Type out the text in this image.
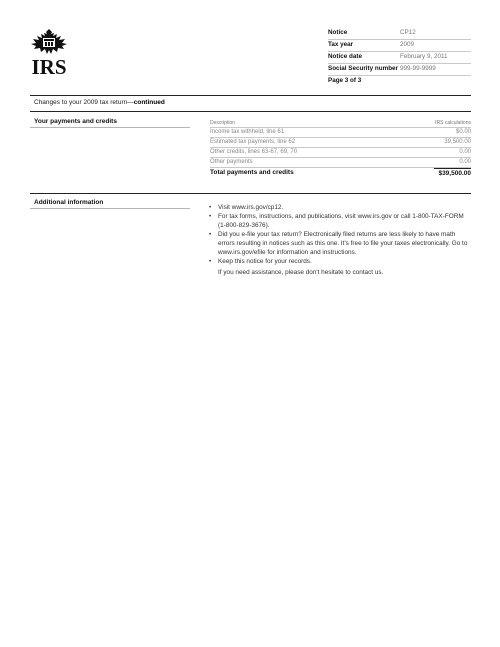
IRS
Notice	CP12
Tax year	2009
Notice date	February 9, 2011
Social Security number 999-99-9999
Page 3 of 3
Changes to your 2009 tax return—continued
Your payments and credits	Description	IRS calculations
Income tax withheld, line 61	$0.00
Estimated tax payments, line 62	39,500.00
Other credits, lines 63-67, 69, 70	0.00
Other payments	0.00
Total payments and credits	$39,500.00
Additional information
• Visit www.irs.gov/cp12.
• For tax forms, instructions, and publications, visit www.irs.gov or call 1-800-TAX-FORM (1-800-829-3676).
• Did you e-file your tax return? Electronically filed returns are less likely to have math errors resulting in notices such as this one. It's free to file your taxes electronically. Go to www.irs.gov/efile for information and instructions.
• Keep this notice for your records.
If you need assistance, please don't hesitate to contact us.
